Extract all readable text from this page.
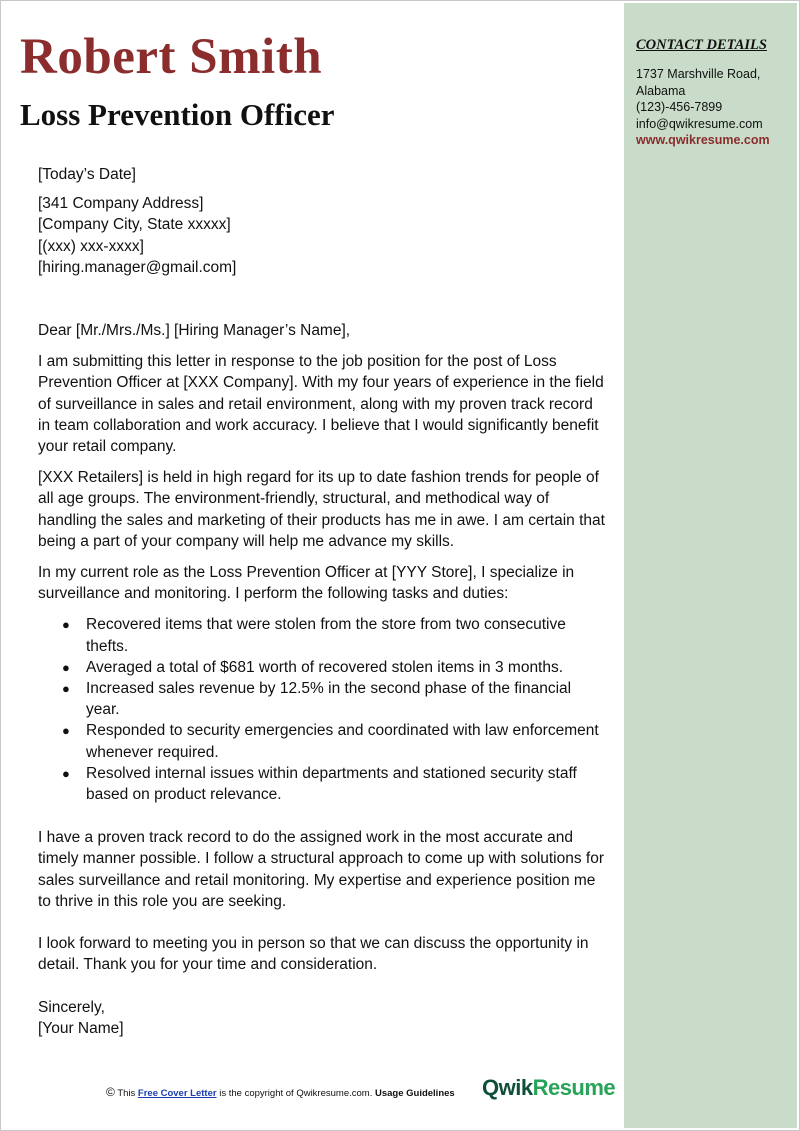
CONTACT DETAILS
1737 Marshville Road,
Alabama
(123)-456-7899
info@qwikresume.com
www.qwikresume.com
Robert Smith
Loss Prevention Officer

[Today’s Date]

[341 Company Address]

[Company City, State xxxxx]

[(xxx) xxx-xxxx]

[hiring.manager@gmail.com]

Dear [Mr./Mrs./Ms.] [Hiring Manager’s Name],

I am submitting this letter in response to the job position for the post of Loss Prevention Officer at [XXX Company]. With my four years of experience in the field of surveillance in sales and retail environment, along with my proven track record in team collaboration and work accuracy. I believe that I would significantly benefit your retail company.

[XXX Retailers] is held in high regard for its up to date fashion trends for people of all age groups. The environment-friendly, structural, and methodical way of handling the sales and marketing of their products has me in awe. I am certain that being a part of your company will help me advance my skills.

In my current role as the Loss Prevention Officer at [YYY Store], I specialize in surveillance and monitoring. I perform the following tasks and duties:

● Recovered items that were stolen from the store from two consecutive thefts.
● Averaged a total of $681 worth of recovered stolen items in 3 months.
● Increased sales revenue by 12.5% in the second phase of the financial year.
● Responded to security emergencies and coordinated with law enforcement whenever required.
● Resolved internal issues within departments and stationed security staff based on product relevance.

I have a proven track record to do the assigned work in the most accurate and timely manner possible. I follow a structural approach to come up with solutions for sales surveillance and retail monitoring. My expertise and experience position me to thrive in this role you are seeking.

I look forward to meeting you in person so that we can discuss the opportunity in detail. Thank you for your time and consideration.

Sincerely,

[Your Name]

© This Free Cover Letter is the copyright of Qwikresume.com. Usage Guidelines QwikResume
